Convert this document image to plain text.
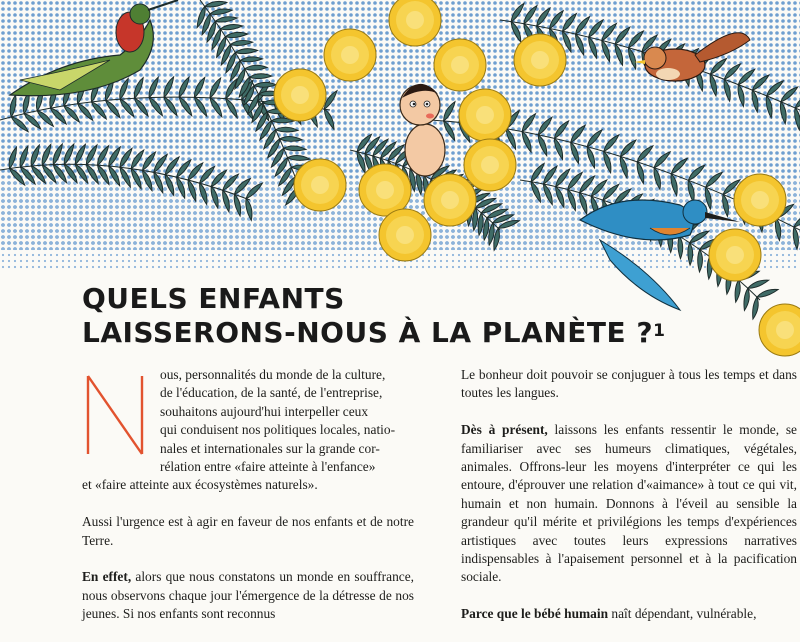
QUELS ENFANTS
LAISSERONS-NOUS À LA PLANÈTE ?$^1$
ous, personnalités du monde de la culture,
de l'éducation, de la santé, de l'entreprise,
souhaitons aujourd'hui interpeller ceux
qui conduisent nos politiques locales, natio-
nales et internationales sur la grande cor-
rélation entre «faire atteinte à l'enfance»

et «faire atteinte aux écosystèmes naturels».

Aussi l'urgence est à agir en faveur de nos enfants et de notre Terre.

En effet, alors que nous constatons un monde en souffrance, nous observons chaque jour l'émergence de la détresse de nos jeunes. Si nos enfants sont reconnus

Le bonheur doit pouvoir se conjuguer à tous les temps et dans toutes les langues.

Dès à présent, laissons les enfants ressentir le monde, se familiariser avec ses humeurs climatiques, végétales, animales. Offrons-leur les moyens d'interpréter ce qui les entoure, d'éprouver une relation d'«aimance» à tout ce qui vit, humain et non humain. Donnons à l'éveil au sensible la grandeur qu'il mérite et privilégions les temps d'expériences artistiques avec toutes leurs expressions narratives indispensables à l'apaisement personnel et à la pacification sociale.

Parce que le bébé humain naît dépendant, vulnérable,
